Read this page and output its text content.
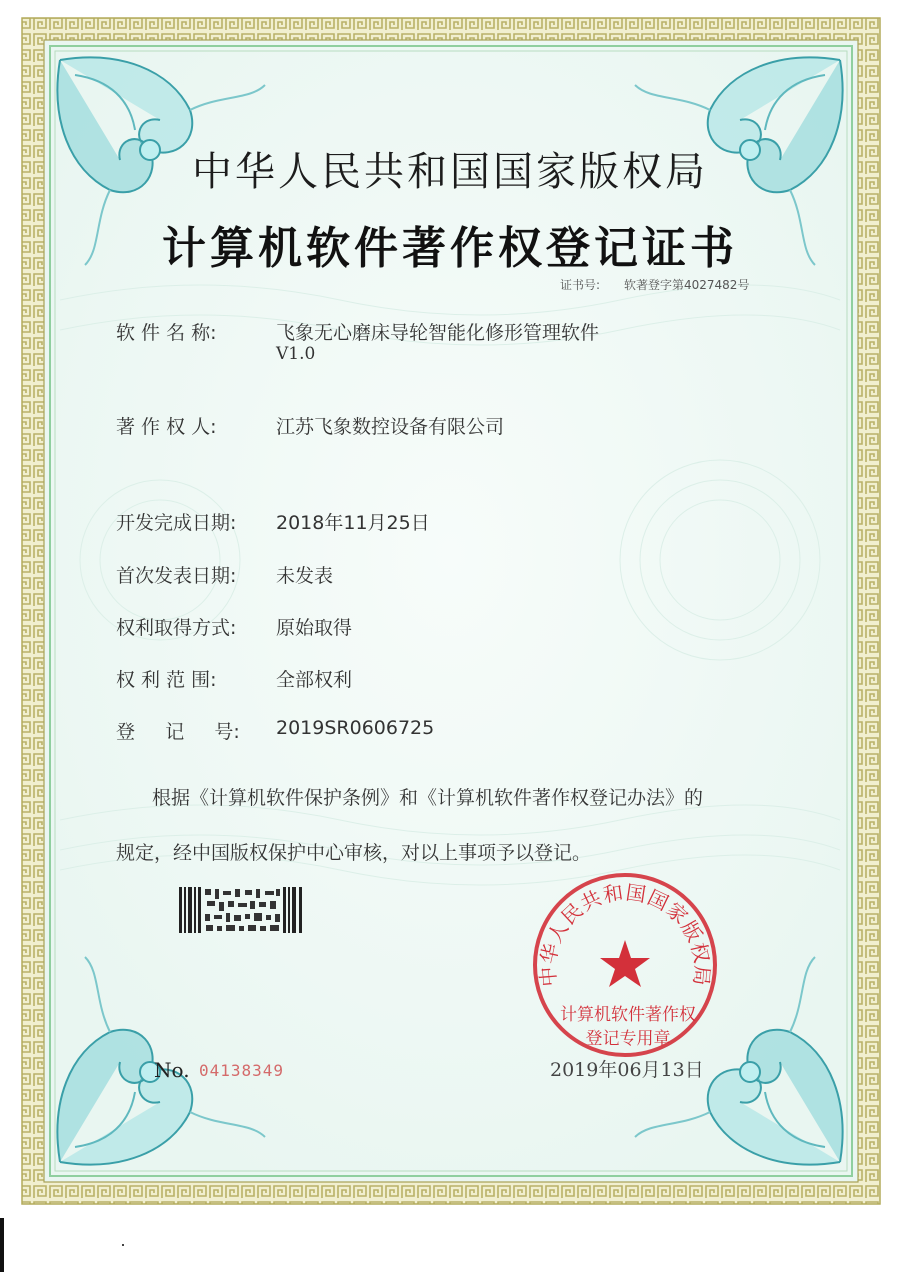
中华人民共和国国家版权局
计算机软件著作权登记证书
证书号: 软著登字第4027482号
软 件 名 称:	飞象无心磨床导轮智能化修形管理软件
V1.0
著 作 权 人:	江苏飞象数控设备有限公司
开发完成日期: 2018年11月25日
首次发表日期: 未发表
权利取得方式: 原始取得
权 利 范 围:	全部权利
登     记     号: 2019SR0606725
根据《计算机软件保护条例》和《计算机软件著作权登记办法》的
规定，经中国版权保护中心审核，对以上事项予以登记。
中华人民共和国国家版权局
计算机软件著作权
登记专用章
No. 04138349	2019年06月13日
